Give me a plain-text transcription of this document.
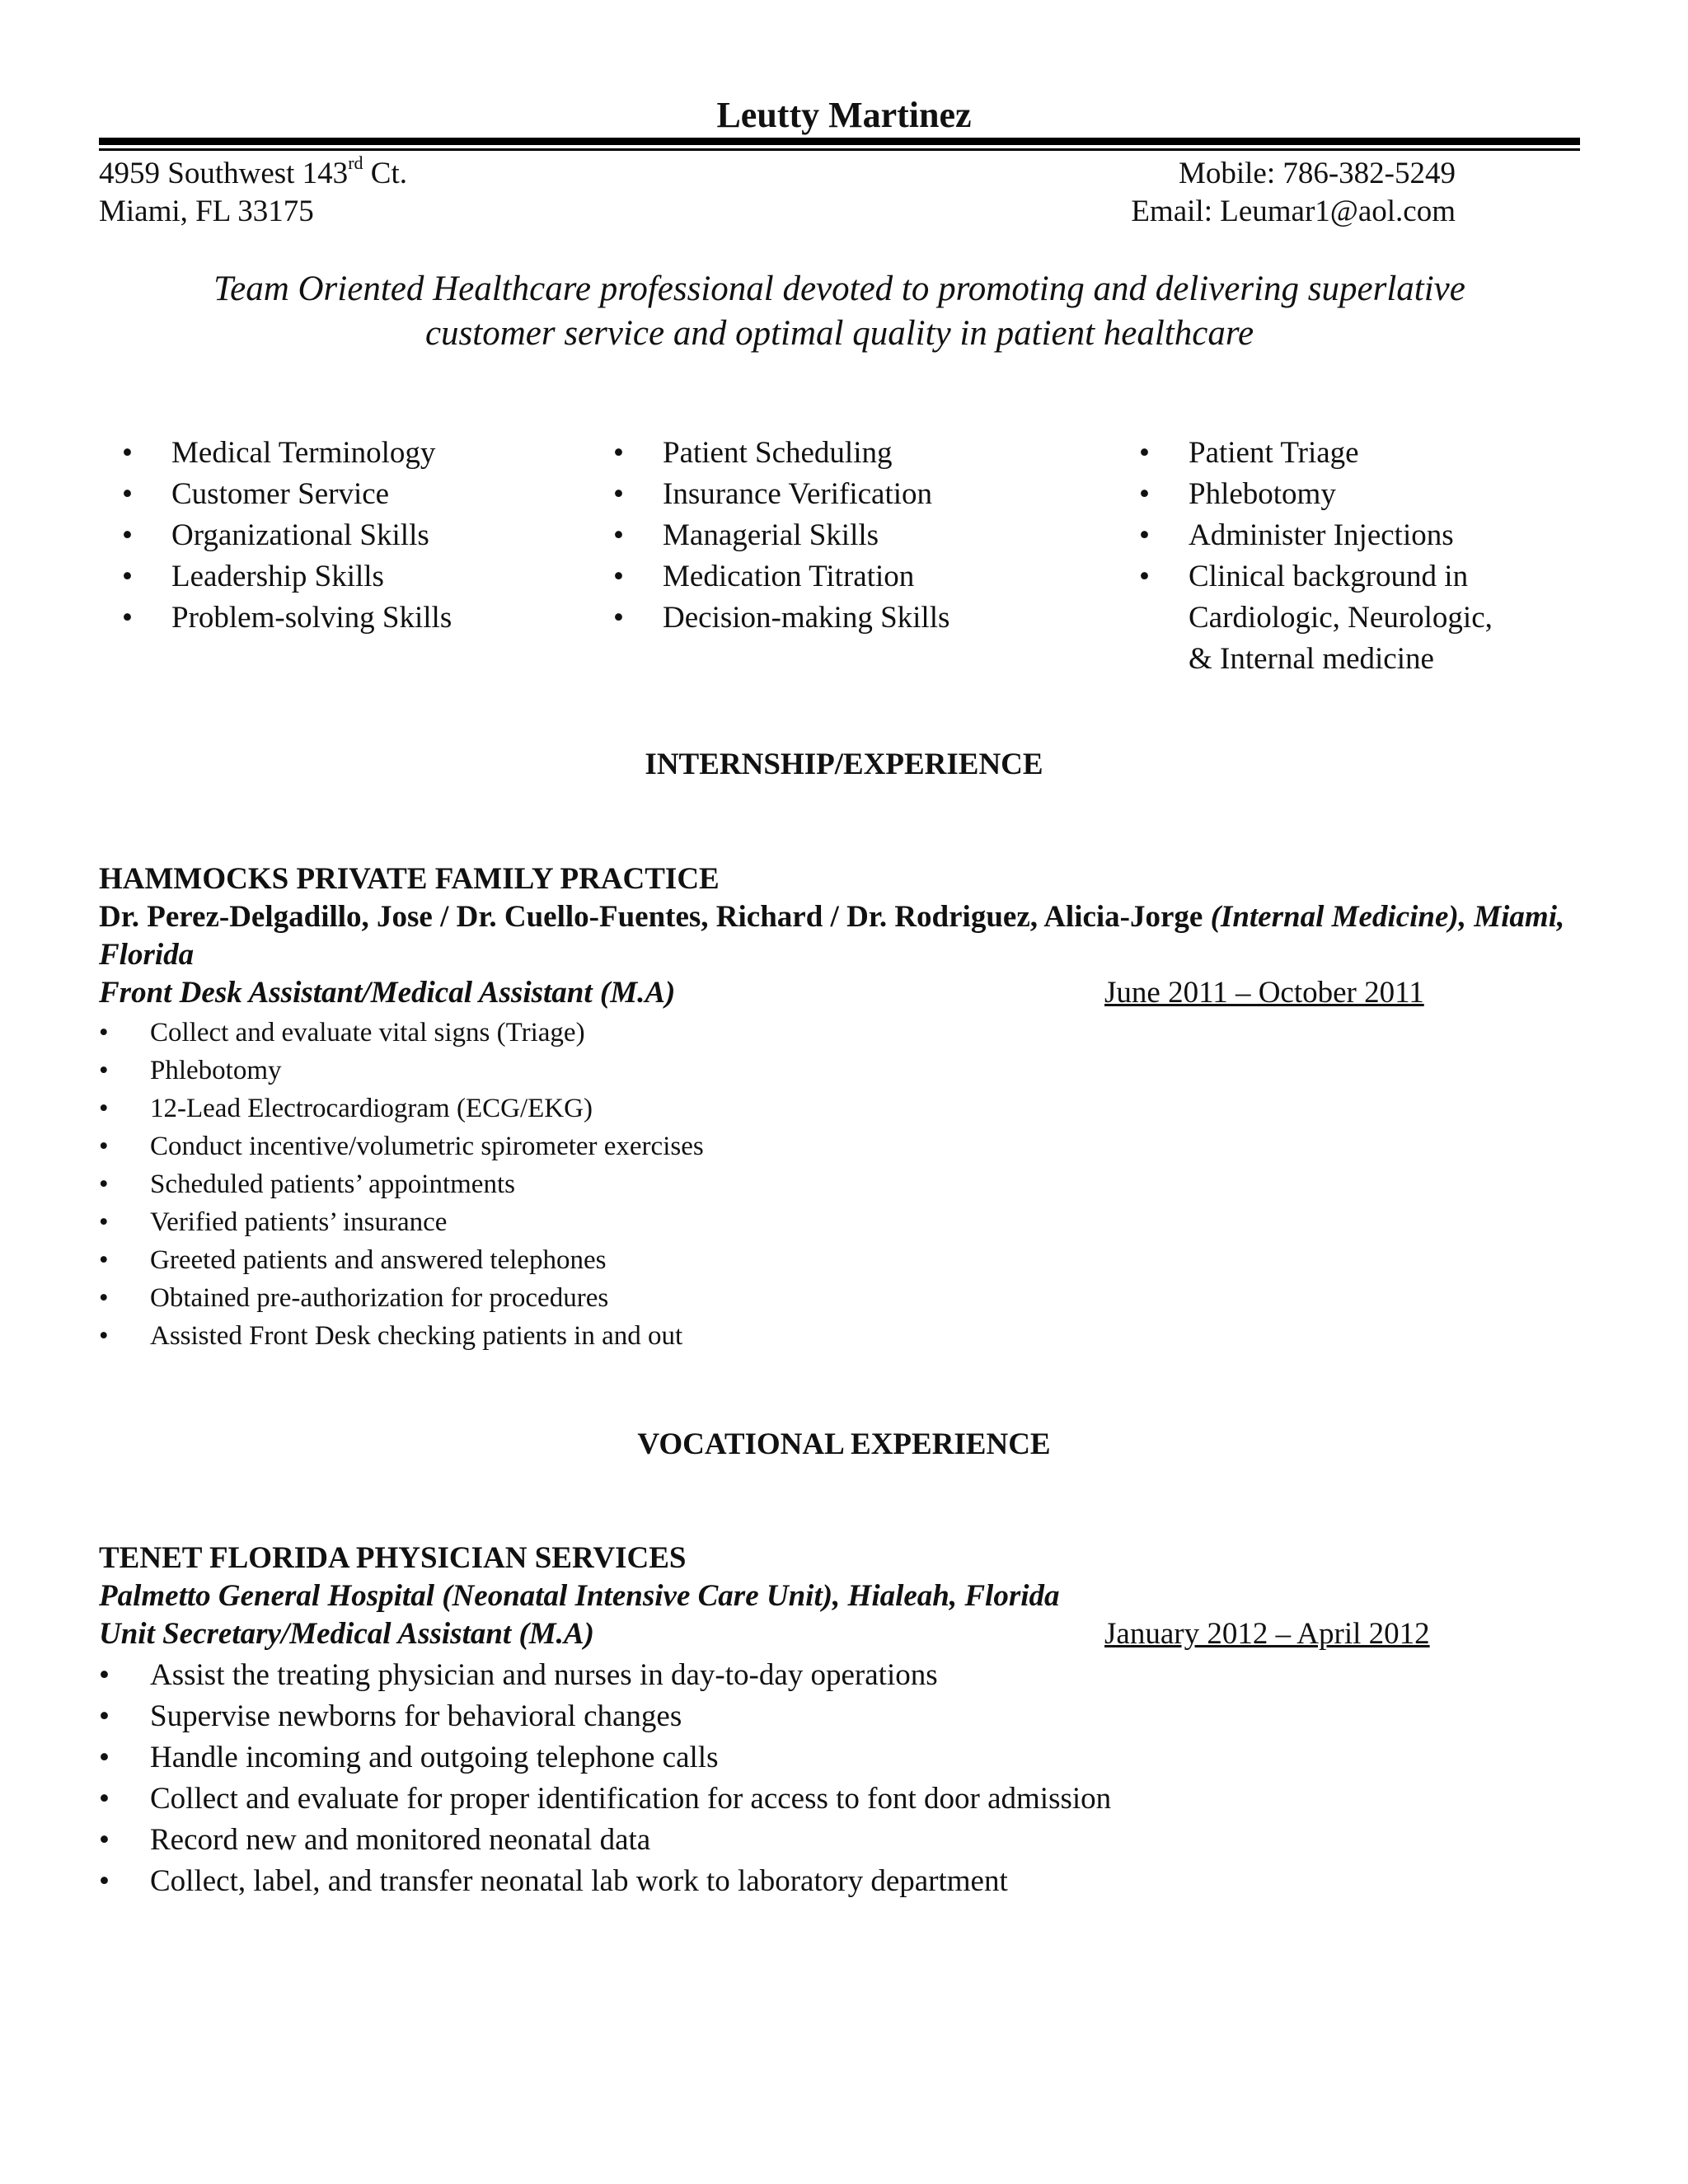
Leutty Martinez
4959 Southwest 143rd Ct.
Miami, FL 33175
Mobile: 786-382-5249
Email: Leumar1@aol.com
Team Oriented Healthcare professional devoted to promoting and delivering superlative
customer service and optimal quality in patient healthcare
• Medical Terminology
• Customer Service
• Organizational Skills
• Leadership Skills
• Problem-solving Skills
• Patient Scheduling
• Insurance Verification
• Managerial Skills
• Medication Titration
• Decision-making Skills
• Patient Triage
• Phlebotomy
• Administer Injections
• Clinical background in Cardiologic, Neurologic, & Internal medicine
INTERNSHIP/EXPERIENCE
HAMMOCKS PRIVATE FAMILY PRACTICE
Dr. Perez-Delgadillo, Jose / Dr. Cuello-Fuentes, Richard / Dr. Rodriguez, Alicia-Jorge (Internal Medicine), Miami, Florida
Front Desk Assistant/Medical Assistant (M.A)	June 2011 – October 2011
• Collect and evaluate vital signs (Triage)
• Phlebotomy
• 12-Lead Electrocardiogram (ECG/EKG)
• Conduct incentive/volumetric spirometer exercises
• Scheduled patients’ appointments
• Verified patients’ insurance
• Greeted patients and answered telephones
• Obtained pre-authorization for procedures
• Assisted Front Desk checking patients in and out
VOCATIONAL EXPERIENCE
TENET FLORIDA PHYSICIAN SERVICES
Palmetto General Hospital (Neonatal Intensive Care Unit), Hialeah, Florida
Unit Secretary/Medical Assistant (M.A)	January 2012 – April 2012
• Assist the treating physician and nurses in day-to-day operations
• Supervise newborns for behavioral changes
• Handle incoming and outgoing telephone calls
• Collect and evaluate for proper identification for access to font door admission
• Record new and monitored neonatal data
• Collect, label, and transfer neonatal lab work to laboratory department
